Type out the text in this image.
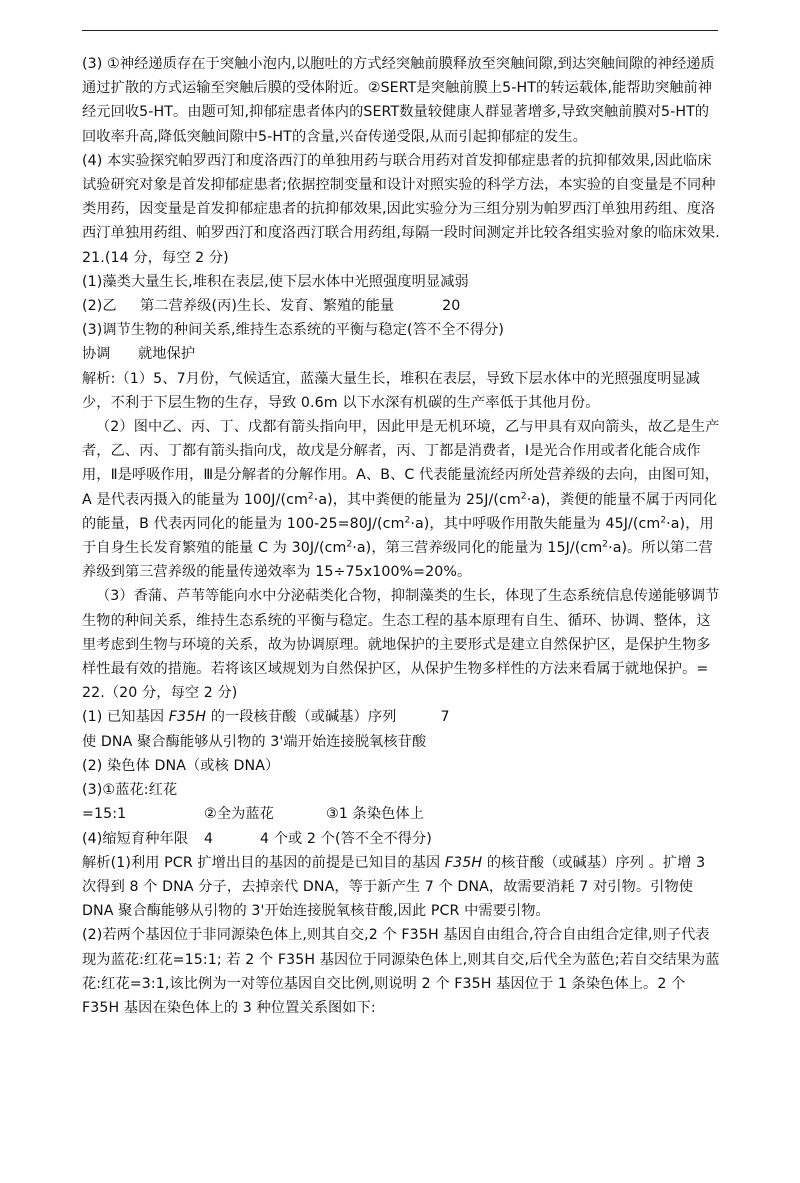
(3) ①神经递质存在于突触小泡内,以胞吐的方式经突触前膜释放至突触间隙,到达突触间隙的神经递质通过扩散的方式运输至突触后膜的受体附近。②SERT是突触前膜上5-HT的转运载体,能帮助突触前神经元回收5-HT。由题可知,抑郁症患者体内的SERT数量较健康人群显著增多,导致突触前膜对5-HT的回收率升高,降低突触间隙中5-HT的含量,兴奋传递受限,从而引起抑郁症的发生。

(4) 本实验探究帕罗西汀和度洛西汀的单独用药与联合用药对首发抑郁症患者的抗抑郁效果,因此临床试验研究对象是首发抑郁症患者;依据控制变量和设计对照实验的科学方法，本实验的自变量是不同种类用药，因变量是首发抑郁症患者的抗抑郁效果,因此实验分为三组分别为帕罗西汀单独用药组、度洛西汀单独用药组、帕罗西汀和度洛西汀联合用药组,每隔一段时间测定并比较各组实验对象的临床效果.

21.(14 分，每空 2 分)

(1)藻类大量生长,堆积在表层,使下层水体中光照强度明显减弱

(2)乙 第二营养级(丙)生长、发育、繁殖的能量	20

(3)调节生物的种间关系,维持生态系统的平衡与稳定(答不全不得分)

协调 就地保护

解析:（1）5、7月份，气候适宜，蓝藻大量生长，堆积在表层，导致下层水体中的光照强度明显减少，不利于下层生物的生存，导致 0.6m 以下水深有机碳的生产率低于其他月份。

（2）图中乙、丙、丁、戊都有箭头指向甲，因此甲是无机环境，乙与甲具有双向箭头，故乙是生产者，乙、丙、丁都有箭头指向戊，故戊是分解者，丙、丁都是消费者，Ⅰ是光合作用或者化能合成作用，Ⅱ是呼吸作用，Ⅲ是分解者的分解作用。A、B、C 代表能量流经丙所处营养级的去向，由图可知，A 是代表丙摄入的能量为 $100J/(cm^2\cdot a)$，其中粪便的能量为 $25J/(cm^2\cdot a)$，粪便的能量不属于丙同化的能量，B 代表丙同化的能量为 $100-25=80J/(cm^2\cdot a)$，其中呼吸作用散失能量为 $45J/(cm^2\cdot a)$，用于自身生长发育繁殖的能量 C 为 $30J/(cm^2\cdot a)$，第三营养级同化的能量为 $15J/(cm^2\cdot a)$。所以第二营养级到第三营养级的能量传递效率为 15÷75x100%=20%。

（3）香蒲、芦苇等能向水中分泌萜类化合物，抑制藻类的生长，体现了生态系统信息传递能够调节生物的种间关系，维持生态系统的平衡与稳定。生态工程的基本原理有自生、循环、协调、整体，这里考虑到生物与环境的关系，故为协调原理。就地保护的主要形式是建立自然保护区，是保护生物多样性最有效的措施。若将该区域规划为自然保护区，从保护生物多样性的方法来看属于就地保护。=

22.（20 分，每空 2 分)

(1) 已知基因 F35H 的一段核苷酸（或碱基）序列	7

使 DNA 聚合酶能够从引物的 3'端开始连接脱氧核苷酸

(2) 染色体 DNA（或核 DNA）

(3)①蓝花:红花=15:1	②全为蓝花	③1 条染色体上

(4)缩短育种年限 4	4 个或 2 个(答不全不得分)

解析(1)利用 PCR 扩增出目的基因的前提是已知目的基因 F35H 的核苷酸（或碱基）序列 。扩增 3 次得到 8 个 DNA 分子，去掉亲代 DNA，等于新产生 7 个 DNA，故需要消耗 7 对引物。引物使 DNA 聚合酶能够从引物的 3'开始连接脱氧核苷酸,因此 PCR 中需要引物。

(2)若两个基因位于非同源染色体上,则其自交,2 个 F35H 基因自由组合,符合自由组合定律,则子代表现为蓝花:红花=15:1; 若 2 个 F35H 基因位于同源染色体上,则其自交,后代全为蓝色;若自交结果为蓝花:红花=3:1,该比例为一对等位基因自交比例,则说明 2 个 F35H 基因位于 1 条染色体上。2 个 F35H 基因在染色体上的 3 种位置关系图如下:
